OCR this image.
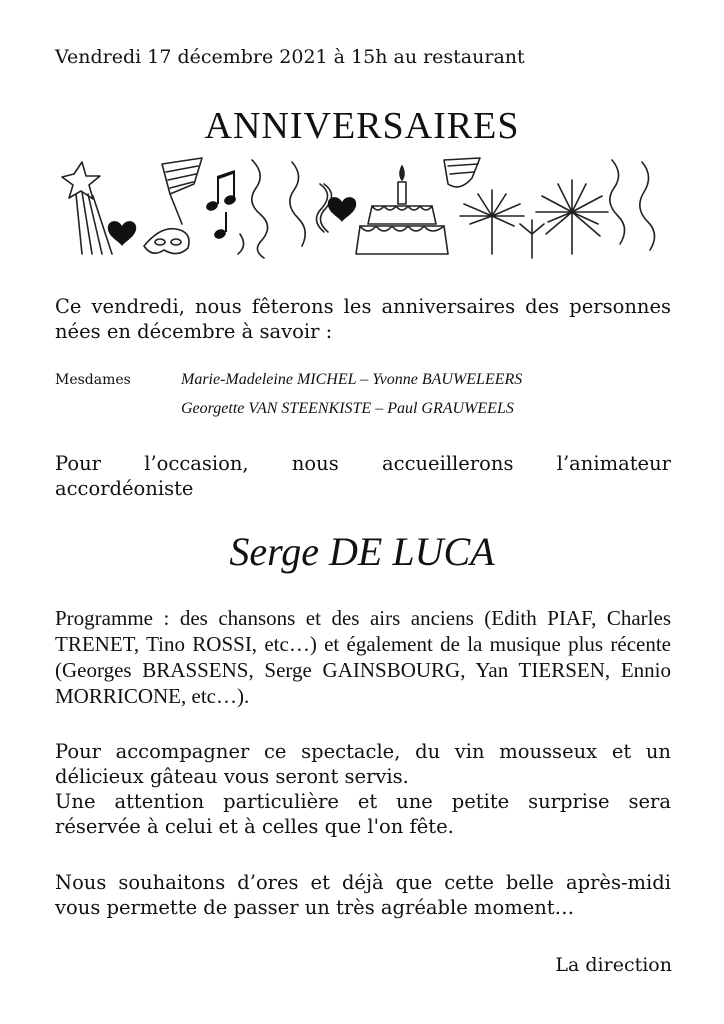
Vendredi 17 décembre 2021 à 15h au restaurant
ANNIVERSAIRES
Ce vendredi, nous fêterons les anniversaires des personnes nées en décembre à savoir :
Mesdames	Marie-Madeleine MICHEL – Yvonne BAUWELEERS
Georgette VAN STEENKISTE – Paul GRAUWEELS
Pour l’occasion, nous accueillerons l’animateur
accordéoniste
Serge DE LUCA
Programme : des chansons et des airs anciens (Edith PIAF, Charles TRENET, Tino ROSSI, etc…) et également de la musique plus récente (Georges BRASSENS, Serge GAINSBOURG, Yan TIERSEN, Ennio MORRICONE, etc…).
Pour accompagner ce spectacle, du vin mousseux et un délicieux gâteau vous seront servis.
Une attention particulière et une petite surprise sera réservée à celui et à celles que l'on fête.
Nous souhaitons d’ores et déjà que cette belle après-midi vous permette de passer un très agréable moment…
La direction
